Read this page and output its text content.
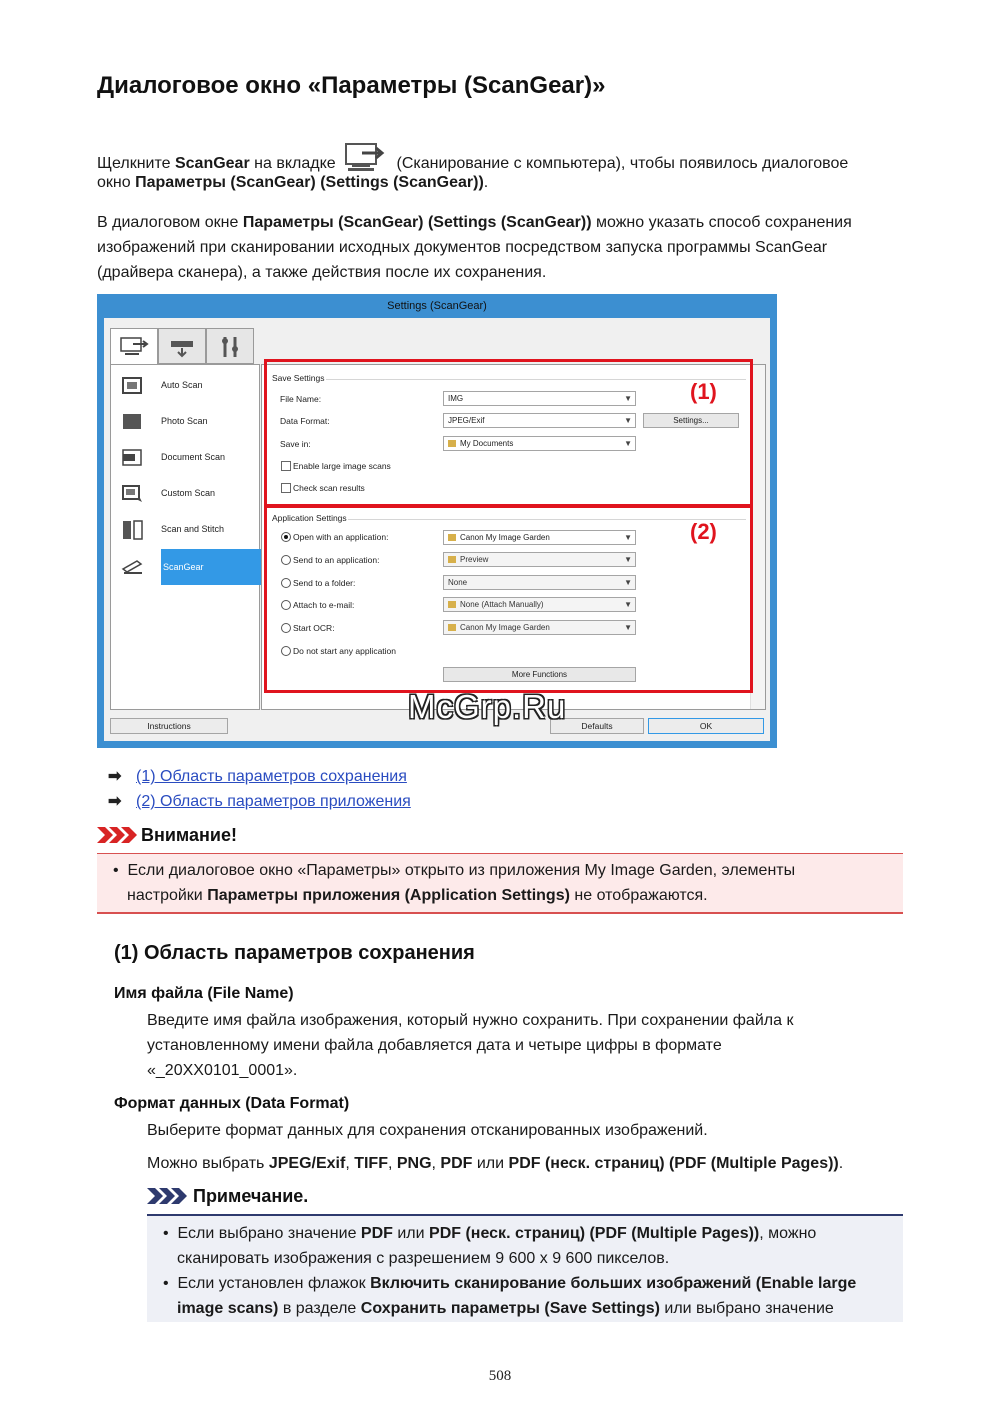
Диалоговое окно «Параметры (ScanGear)»
Щелкните ScanGear на вкладке	(Сканирование с компьютера), чтобы появилось диалоговое
окно Параметры (ScanGear) (Settings (ScanGear)).
В диалоговом окне Параметры (ScanGear) (Settings (ScanGear)) можно указать способ сохранения
изображений при сканировании исходных документов посредством запуска программы ScanGear
(драйвера сканера), а также действия после их сохранения.
Settings (ScanGear)
Auto Scan
Photo Scan
Document Scan
Custom Scan
Scan and Stitch
ScanGear
Save Settings
File Name:	IMG	▼
Data Format:	JPEG/Exif	▼	Settings...
Save in:	My Documents	▼
Enable large image scans
Check scan results
Application Settings
Open with an application:	Canon My Image Garden	▼
Send to an application:	Preview	▼
Send to a folder:	None	▼
Attach to e-mail:	None (Attach Manually)	▼
Start OCR:	Canon My Image Garden	▼
Do not start any application
More Functions
(1)
(2)
Instructions	Defaults	OK
McGrp.Ru
➡ (1) Область параметров сохранения
➡ (2) Область параметров приложения
Внимание!
•  Если диалоговое окно «Параметры» открыто из приложения My Image Garden, элементы
настройки Параметры приложения (Application Settings) не отображаются.
(1) Область параметров сохранения
Имя файла (File Name)
Введите имя файла изображения, который нужно сохранить. При сохранении файла к
установленному имени файла добавляется дата и четыре цифры в формате
«_20XX0101_0001».
Формат данных (Data Format)
Выберите формат данных для сохранения отсканированных изображений.
Можно выбрать JPEG/Exif, TIFF, PNG, PDF или PDF (неск. страниц) (PDF (Multiple Pages)).
Примечание.
•  Если выбрано значение PDF или PDF (неск. страниц) (PDF (Multiple Pages)), можно
сканировать изображения с разрешением 9 600 x 9 600 пикселов.
•  Если установлен флажок Включить сканирование больших изображений (Enable large
image scans) в разделе Сохранить параметры (Save Settings) или выбрано значение
508
